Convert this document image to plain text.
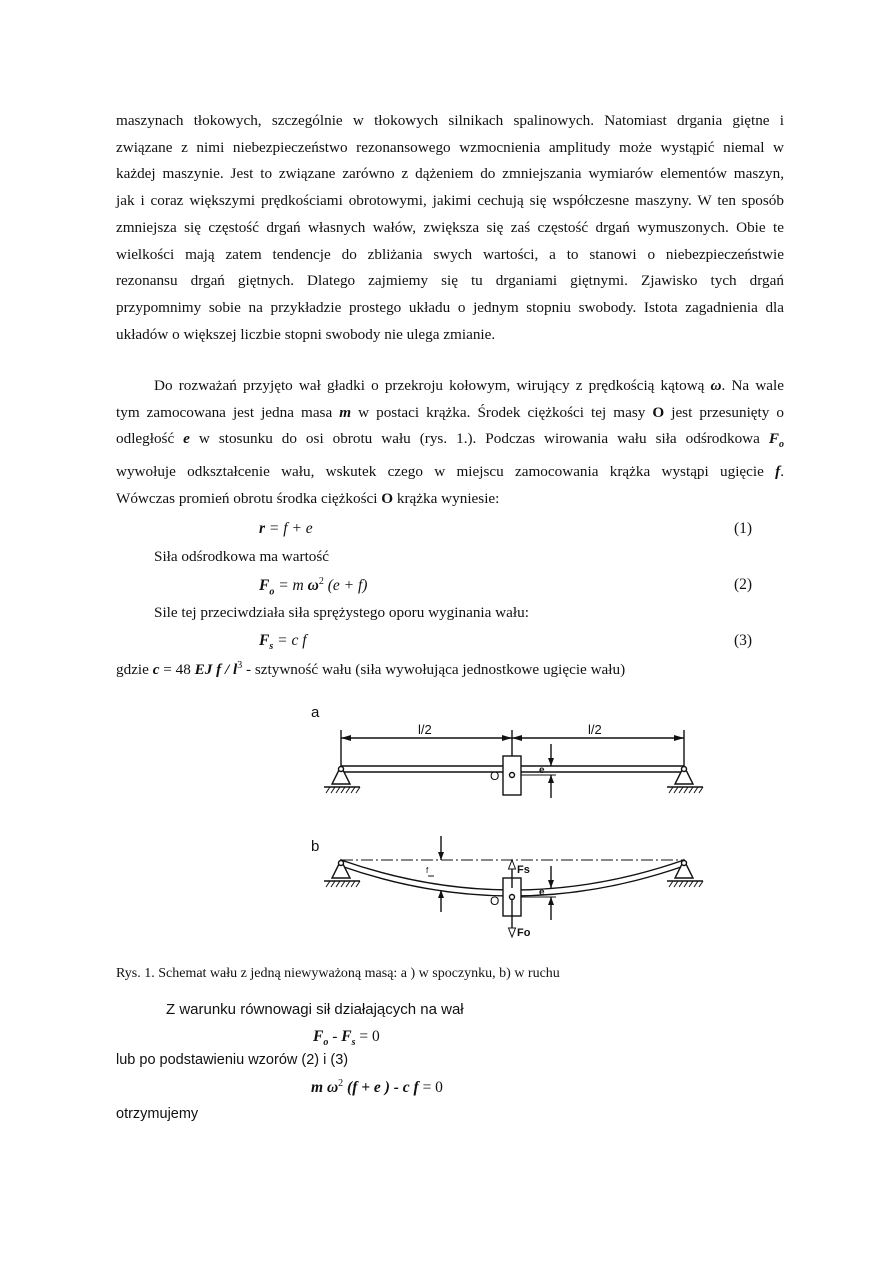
maszynach tłokowych, szczególnie w tłokowych silnikach spalinowych. Natomiast drgania giętne i
związane z nimi niebezpieczeństwo rezonansowego wzmocnienia amplitudy może wystąpić niemal w
każdej maszynie. Jest to związane zarówno z dążeniem do zmniejszania wymiarów elementów maszyn,
jak i coraz większymi prędkościami obrotowymi, jakimi cechują się współczesne maszyny. W ten sposób
zmniejsza się częstość drgań własnych wałów, zwiększa się zaś częstość drgań wymuszonych. Obie te
wielkości mają zatem tendencje do zbliżania swych wartości, a to stanowi o niebezpieczeństwie
rezonansu drgań giętnych. Dlatego zajmiemy się tu drganiami giętnymi. Zjawisko tych drgań
przypomnimy sobie na przykładzie prostego układu o jednym stopniu swobody. Istota zagadnienia dla
układów o większej liczbie stopni swobody nie ulega zmianie.
Do rozważań przyjęto wał gładki o przekroju kołowym, wirujący z prędkością kątową ω. Na wale
tym zamocowana jest jedna masa m w postaci krążka. Środek ciężkości tej masy O jest przesunięty o
odległość e w stosunku do osi obrotu wału (rys. 1.). Podczas wirowania wału siła odśrodkowa $F_o$
wywołuje odkształcenie wału, wskutek czego w miejscu zamocowania krążka wystąpi ugięcie f.
Wówczas promień obrotu środka ciężkości O krążka wyniesie:
r = f + e	(1)
Siła odśrodkowa ma wartość
$F_o = m$ $\omega^2$ (e + f)	(2)
Sile tej przeciwdziała siła sprężystego oporu wyginania wału:
$F_s = c$ f	(3)
gdzie c = 48 EJ f / $l^3$ - sztywność wału (siła wywołująca jednostkowe ugięcie wału)
a
l/2	l/2
O	e
b
f
O
Fs
Fo
e
Rys. 1. Schemat wału z jedną niewyważoną masą: a ) w spoczynku, b) w ruchu
Z warunku równowagi sił działających na wał
$F_o - F_s = 0$
lub po podstawieniu wzorów (2) i (3)
m $\omega^2$ (f + e ) - c f = 0
otrzymujemy
